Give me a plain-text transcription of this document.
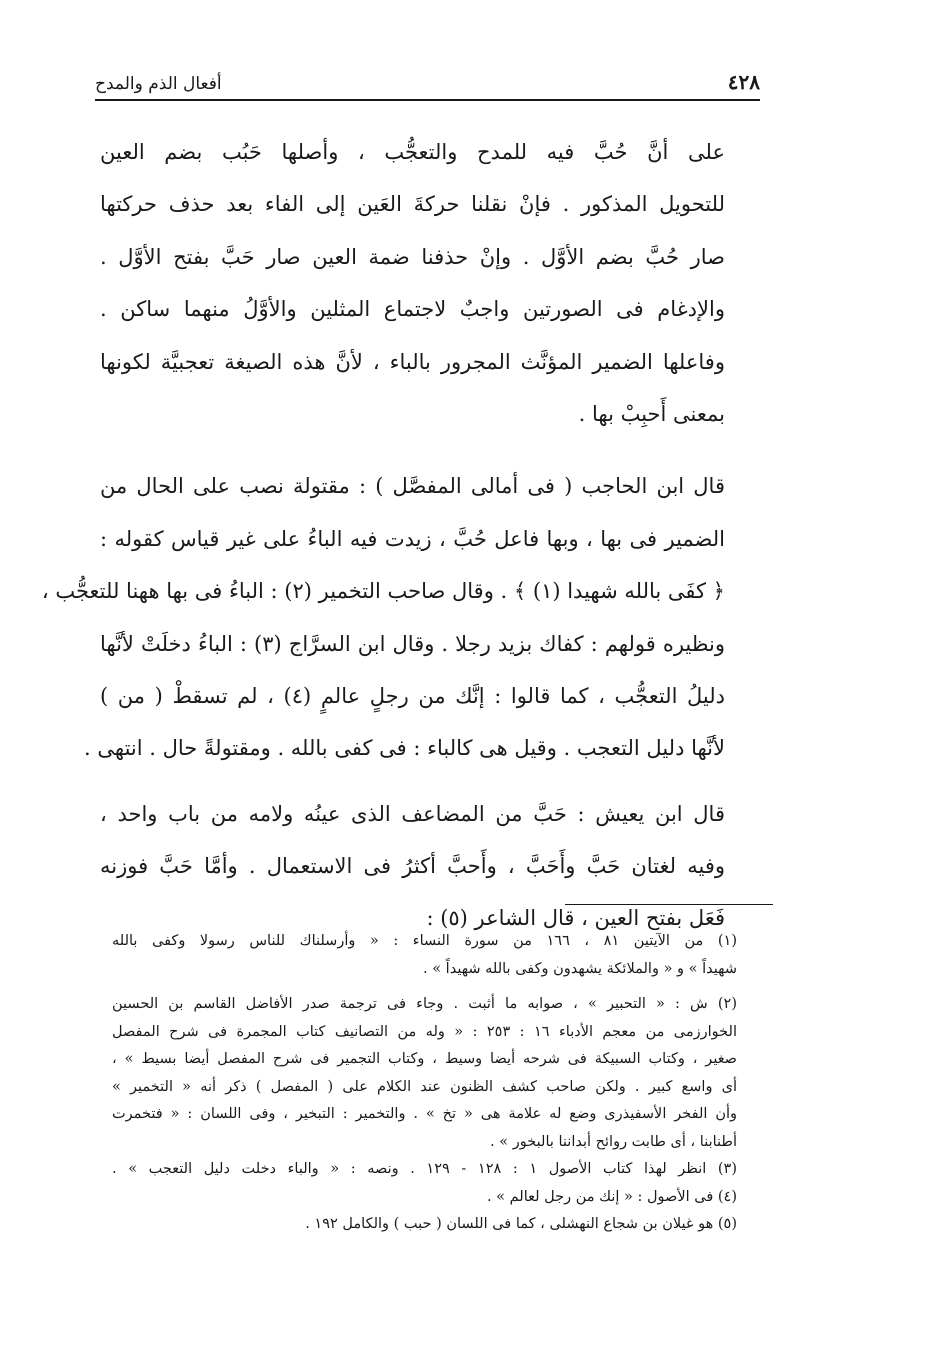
٤٢٨
أفعال الذم والمدح
على أنَّ حُبَّ فيه للمدح والتعجُّب ، وأصلها حَبُب بضم العين
للتحويل المذكور . فإنْ نقلنا حركةَ العَين إلى الفاء بعد حذف حركتها
صار حُبَّ بضم الأوَّل . وإنْ حذفنا ضمة العين صار حَبَّ بفتح الأوَّل .
والإدغام فى الصورتين واجبٌ لاجتماع المثلين والأوَّلُ منهما ساكن .
وفاعلها الضمير المؤنَّث المجرور بالباء ، لأنَّ هذه الصيغة تعجبيَّة لكونها
بمعنى أَحبِبْ بها .
قال ابن الحاجب ( فى أمالى المفصَّل ) : مقتولة نصب على الحال من
الضمير فى بها ، وبها فاعل حُبَّ ، زيدت فيه الباءُ على غير قياس كقوله :
﴿ كفَى بالله شهيدا (١) ﴾ . وقال صاحب التخمير (٢) : الباءُ فى بها ههنا للتعجُّب ،
ونظيره قولهم : كفاك بزيد رجلا . وقال ابن السرَّاج (٣) : الباءُ دخلَتْ لأنَّها
دليلُ التعجُّب ، كما قالوا : إنَّك من رجلٍ عالمٍ (٤) ، لم تسقطْ ( من )
لأنَّها دليل التعجب . وقيل هى كالباء : فى كفى بالله . ومقتولةً حال . انتهى .
قال ابن يعيش : حَبَّ من المضاعف الذى عينُه ولامه من باب واحد ،
وفيه لغتان حَبَّ وأَحَبَّ ، وأَحبَّ أكثرُ فى الاستعمال . وأمَّا حَبَّ فوزنه
فَعَل بفتح العين ، قال الشاعر (٥) :
(١) من الآيتين ٨١ ، ١٦٦ من سورة النساء : « وأرسلناك للناس رسولا وكفى بالله
شهيداً » و « والملائكة يشهدون وكفى بالله شهيداً » .
(٢) ش : « التحبير » ، صوابه ما أثبت . وجاء فى ترجمة صدر الأفاضل القاسم بن الحسين
الخوارزمى من معجم الأدباء ١٦ : ٢٥٣ : « وله من التصانيف كتاب المجمرة فى شرح المفصل
صغير ، وكتاب السبيكة فى شرحه أيضا وسيط ، وكتاب التجمير فى شرح المفصل أيضا بسيط » ،
أى واسع كبير . ولكن صاحب كشف الظنون عند الكلام على ( المفصل ) ذكر أنه « التخمير »
وأن الفخر الأسفيذرى وضع له علامة هى « تخ » . والتخمير : التبخير ، وفى اللسان : « فتخمرت
أطنابنا ، أى طابت روائح أبداننا بالبخور » .
(٣) انظر لهذا كتاب الأصول ١ : ١٢٨ - ١٢٩ . ونصه : « والباء دخلت دليل التعجب » .
(٤) فى الأصول : « إنك من رجل لعالم » .
(٥) هو غيلان بن شجاع النهشلى ، كما فى اللسان ( حبب ) والكامل ١٩٢ .
